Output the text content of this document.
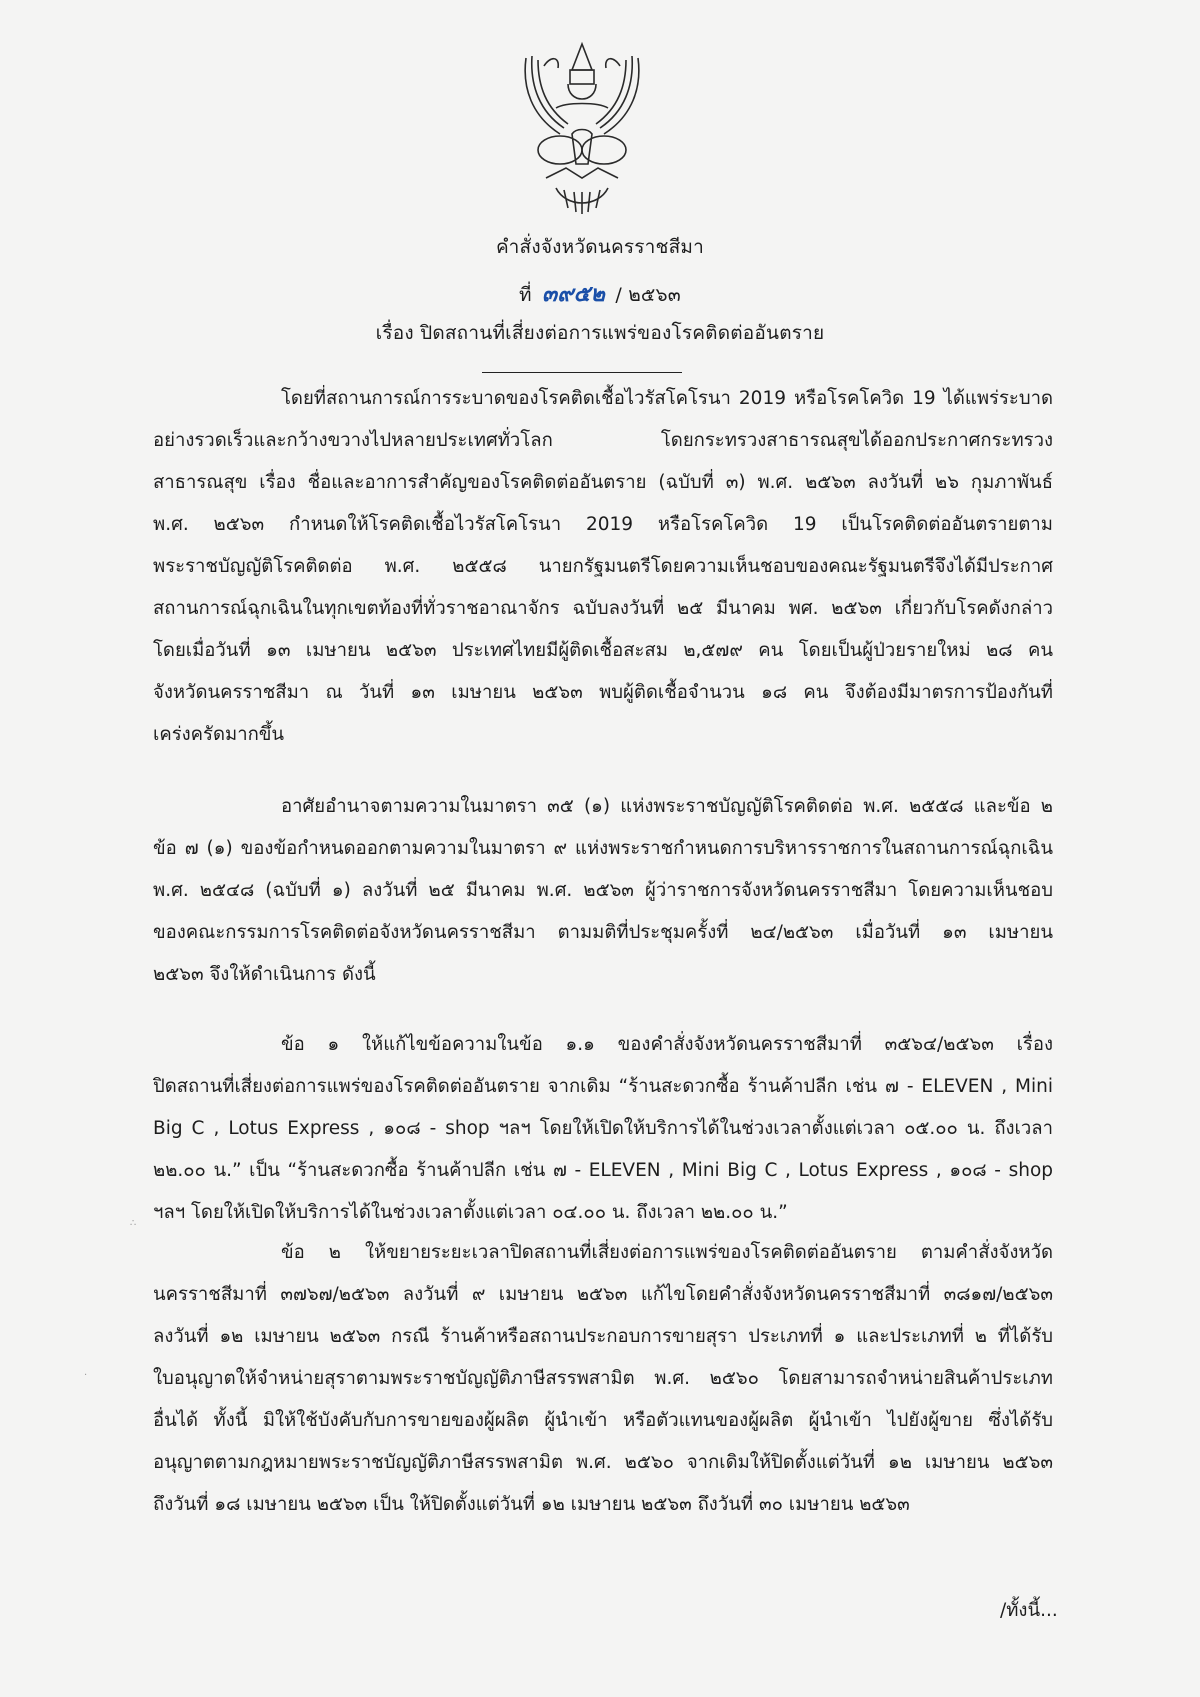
คำสั่งจังหวัดนครราชสีมา
ที่ ๓๙๕๒ / ๒๕๖๓
เรื่อง ปิดสถานที่เสี่ยงต่อการแพร่ของโรคติดต่ออันตราย
โดยที่สถานการณ์การระบาดของโรคติดเชื้อไวรัสโคโรนา 2019 หรือโรคโควิด 19 ได้แพร่ระบาด
อย่างรวดเร็วและกว้างขวางไปหลายประเทศทั่วโลก โดยกระทรวงสาธารณสุขได้ออกประกาศกระทรวง
สาธารณสุข เรื่อง ชื่อและอาการสำคัญของโรคติดต่ออันตราย (ฉบับที่ ๓) พ.ศ. ๒๕๖๓ ลงวันที่ ๒๖ กุมภาพันธ์
พ.ศ. ๒๕๖๓ กำหนดให้โรคติดเชื้อไวรัสโคโรนา 2019 หรือโรคโควิด 19 เป็นโรคติดต่ออันตรายตาม
พระราชบัญญัติโรคติดต่อ พ.ศ. ๒๕๕๘ นายกรัฐมนตรีโดยความเห็นชอบของคณะรัฐมนตรีจึงได้มีประกาศ
สถานการณ์ฉุกเฉินในทุกเขตท้องที่ทั่วราชอาณาจักร ฉบับลงวันที่ ๒๕ มีนาคม พศ. ๒๕๖๓ เกี่ยวกับโรคดังกล่าว
โดยเมื่อวันที่ ๑๓ เมษายน ๒๕๖๓ ประเทศไทยมีผู้ติดเชื้อสะสม ๒,๕๗๙ คน โดยเป็นผู้ป่วยรายใหม่ ๒๘ คน
จังหวัดนครราชสีมา ณ วันที่ ๑๓ เมษายน ๒๕๖๓ พบผู้ติดเชื้อจำนวน ๑๘ คน จึงต้องมีมาตรการป้องกันที่
เคร่งครัดมากขึ้น
อาศัยอำนาจตามความในมาตรา ๓๕ (๑) แห่งพระราชบัญญัติโรคติดต่อ พ.ศ. ๒๕๕๘ และข้อ ๒
ข้อ ๗ (๑) ของข้อกำหนดออกตามความในมาตรา ๙ แห่งพระราชกำหนดการบริหารราชการในสถานการณ์ฉุกเฉิน
พ.ศ. ๒๕๔๘ (ฉบับที่ ๑) ลงวันที่ ๒๕ มีนาคม พ.ศ. ๒๕๖๓ ผู้ว่าราชการจังหวัดนครราชสีมา โดยความเห็นชอบ
ของคณะกรรมการโรคติดต่อจังหวัดนครราชสีมา ตามมติที่ประชุมครั้งที่ ๒๔/๒๕๖๓ เมื่อวันที่ ๑๓ เมษายน
๒๕๖๓ จึงให้ดำเนินการ ดังนี้
ข้อ ๑ ให้แก้ไขข้อความในข้อ ๑.๑ ของคำสั่งจังหวัดนครราชสีมาที่ ๓๕๖๔/๒๕๖๓ เรื่อง
ปิดสถานที่เสี่ยงต่อการแพร่ของโรคติดต่ออันตราย จากเดิม “ร้านสะดวกซื้อ ร้านค้าปลีก เช่น ๗ - ELEVEN , Mini
Big C , Lotus Express , ๑๐๘ - shop ฯลฯ โดยให้เปิดให้บริการได้ในช่วงเวลาตั้งแต่เวลา ๐๕.๐๐ น. ถึงเวลา
๒๒.๐๐ น.” เป็น “ร้านสะดวกซื้อ ร้านค้าปลีก เช่น ๗ - ELEVEN , Mini Big C , Lotus Express , ๑๐๘ - shop
ฯลฯ โดยให้เปิดให้บริการได้ในช่วงเวลาตั้งแต่เวลา ๐๔.๐๐ น. ถึงเวลา ๒๒.๐๐ น.”
ข้อ ๒ ให้ขยายระยะเวลาปิดสถานที่เสี่ยงต่อการแพร่ของโรคติดต่ออันตราย ตามคำสั่งจังหวัด
นครราชสีมาที่ ๓๗๖๗/๒๕๖๓ ลงวันที่ ๙ เมษายน ๒๕๖๓ แก้ไขโดยคำสั่งจังหวัดนครราชสีมาที่ ๓๘๑๗/๒๕๖๓
ลงวันที่ ๑๒ เมษายน ๒๕๖๓ กรณี ร้านค้าหรือสถานประกอบการขายสุรา ประเภทที่ ๑ และประเภทที่ ๒ ที่ได้รับ
ใบอนุญาตให้จำหน่ายสุราตามพระราชบัญญัติภาษีสรรพสามิต พ.ศ. ๒๕๖๐ โดยสามารถจำหน่ายสินค้าประเภท
อื่นได้ ทั้งนี้ มิให้ใช้บังคับกับการขายของผู้ผลิต ผู้นำเข้า หรือตัวแทนของผู้ผลิต ผู้นำเข้า ไปยังผู้ขาย ซึ่งได้รับ
อนุญาตตามกฎหมายพระราชบัญญัติภาษีสรรพสามิต พ.ศ. ๒๕๖๐ จากเดิมให้ปิดตั้งแต่วันที่ ๑๒ เมษายน ๒๕๖๓
ถึงวันที่ ๑๘ เมษายน ๒๕๖๓ เป็น ให้ปิดตั้งแต่วันที่ ๑๒ เมษายน ๒๕๖๓ ถึงวันที่ ๓๐ เมษายน ๒๕๖๓
/ทั้งนี้...
∴
·
